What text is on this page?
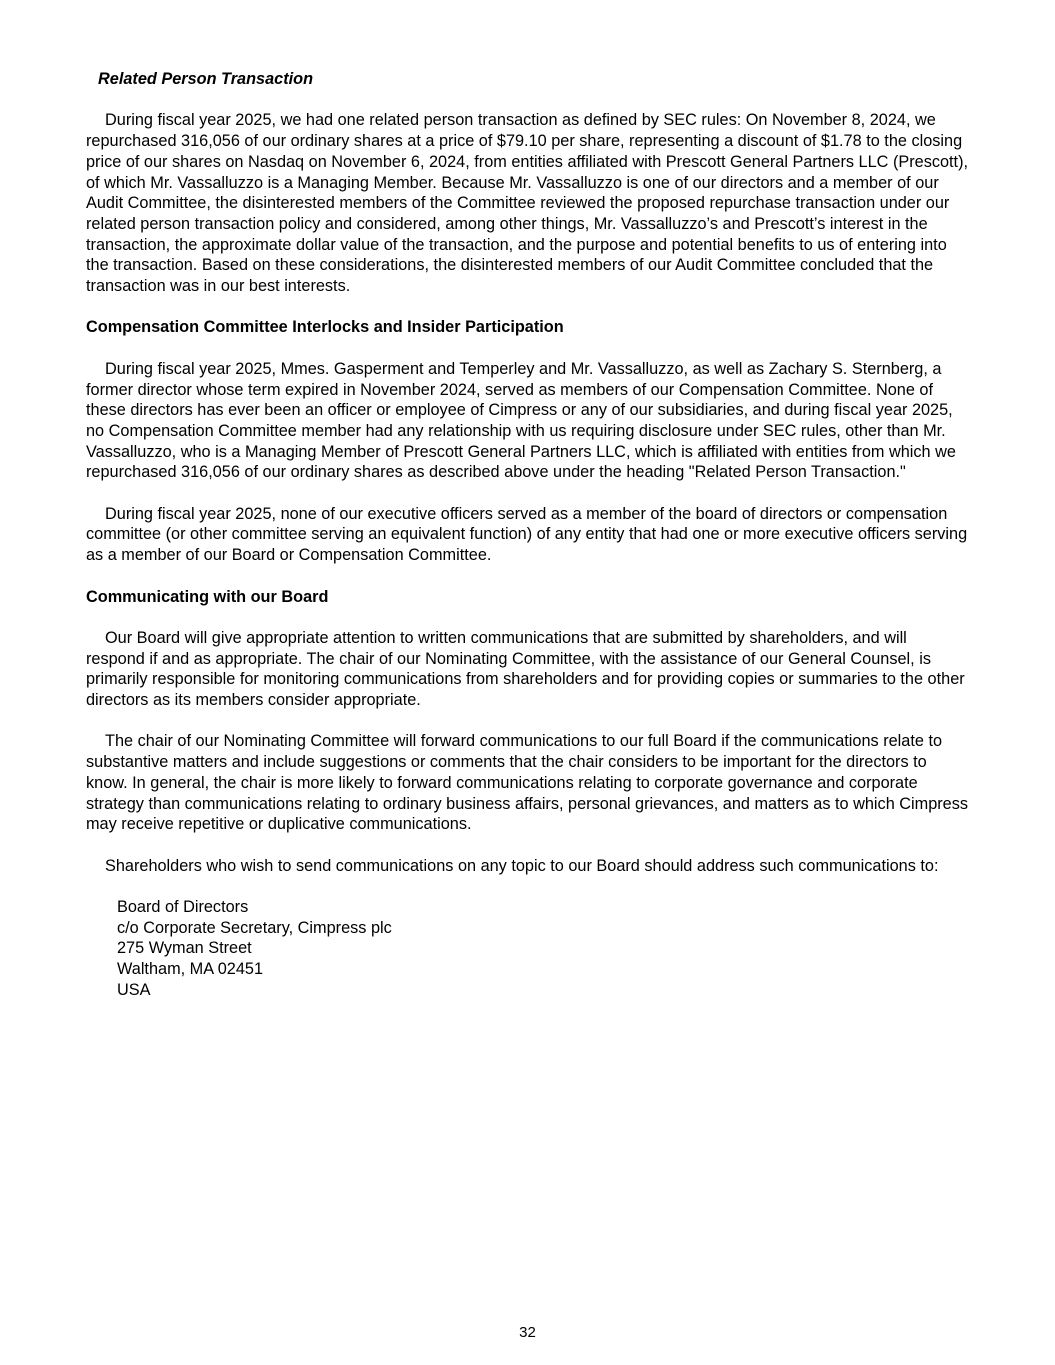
Related Person Transaction

During fiscal year 2025, we had one related person transaction as defined by SEC rules: On November 8, 2024, we repurchased 316,056 of our ordinary shares at a price of $79.10 per share, representing a discount of $1.78 to the closing price of our shares on Nasdaq on November 6, 2024, from entities affiliated with Prescott General Partners LLC (Prescott), of which Mr. Vassalluzzo is a Managing Member. Because Mr. Vassalluzzo is one of our directors and a member of our Audit Committee, the disinterested members of the Committee reviewed the proposed repurchase transaction under our related person transaction policy and considered, among other things, Mr. Vassalluzzo’s and Prescott’s interest in the transaction, the approximate dollar value of the transaction, and the purpose and potential benefits to us of entering into the transaction. Based on these considerations, the disinterested members of our Audit Committee concluded that the transaction was in our best interests.

Compensation Committee Interlocks and Insider Participation

During fiscal year 2025, Mmes. Gasperment and Temperley and Mr. Vassalluzzo, as well as Zachary S. Sternberg, a former director whose term expired in November 2024, served as members of our Compensation Committee. None of these directors has ever been an officer or employee of Cimpress or any of our subsidiaries, and during fiscal year 2025, no Compensation Committee member had any relationship with us requiring disclosure under SEC rules, other than Mr. Vassalluzzo, who is a Managing Member of Prescott General Partners LLC, which is affiliated with entities from which we repurchased 316,056 of our ordinary shares as described above under the heading "Related Person Transaction."

During fiscal year 2025, none of our executive officers served as a member of the board of directors or compensation committee (or other committee serving an equivalent function) of any entity that had one or more executive officers serving as a member of our Board or Compensation Committee.

Communicating with our Board

Our Board will give appropriate attention to written communications that are submitted by shareholders, and will respond if and as appropriate. The chair of our Nominating Committee, with the assistance of our General Counsel, is primarily responsible for monitoring communications from shareholders and for providing copies or summaries to the other directors as its members consider appropriate.

The chair of our Nominating Committee will forward communications to our full Board if the communications relate to substantive matters and include suggestions or comments that the chair considers to be important for the directors to know. In general, the chair is more likely to forward communications relating to corporate governance and corporate strategy than communications relating to ordinary business affairs, personal grievances, and matters as to which Cimpress may receive repetitive or duplicative communications.

Shareholders who wish to send communications on any topic to our Board should address such communications to:

Board of Directors
c/o Corporate Secretary, Cimpress plc
275 Wyman Street
Waltham, MA 02451
USA
32
